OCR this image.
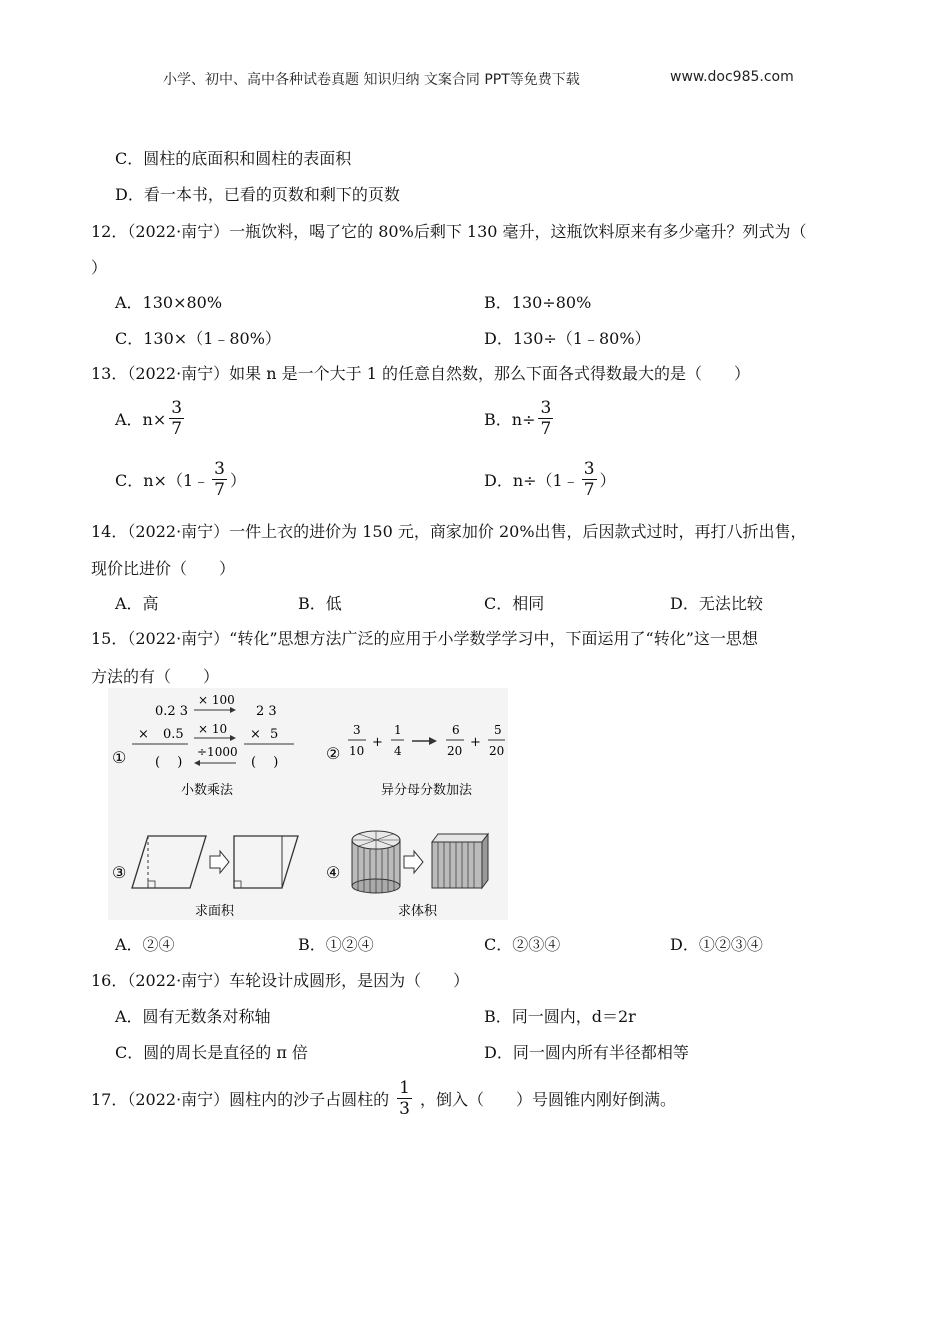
小学、初中、高中各种试卷真题 知识归纳 文案合同 PPT等免费下载	www.doc985.com
C．圆柱的底面积和圆柱的表面积
D．看一本书，已看的页数和剩下的页数
12．（2022·南宁）一瓶饮料，喝了它的 80%后剩下 130 毫升，这瓶饮料原来有多少毫升？列式为（
）
A．130×80%	B．130÷80%
C．130×（1﹣80%）	D．130÷（1﹣80%）
13．（2022·南宁）如果 n 是一个大于 1 的任意自然数，那么下面各式得数最大的是（　　）
A．$n\times \frac{3}{7}$	B．$n\div \frac{3}{7}$
C．n×（1﹣ $\frac{3}{7}$ ）	D．n÷（1﹣ $\frac{3}{7}$ ）
14．（2022·南宁）一件上衣的进价为 150 元，商家加价 20%出售，后因款式过时，再打八折出售，
现价比进价（　　）
A．高	B．低	C．相同	D．无法比较
15．（2022·南宁）“转化”思想方法广泛的应用于小学数学学习中，下面运用了“转化”这一思想
方法的有（　　）
①
0.2 3
× 0.5
(　 )
× 100
× 10
÷1000
2 3
× 5
(　 )
小数乘法
②
3
10
+
1
4
6
20
+
5
20
异分母分数加法
③
求面积
④
求体积
A．②④	B．①②④	C．②③④	D．①②③④
16．（2022·南宁）车轮设计成圆形，是因为（　　）
A．圆有无数条对称轴	B．同一圆内，d＝2r
C．圆的周长是直径的 π 倍	D．同一圆内所有半径都相等
17．（2022·南宁）圆柱内的沙子占圆柱的 $\frac{1}{3}$ ，倒入（　　）号圆锥内刚好倒满。
